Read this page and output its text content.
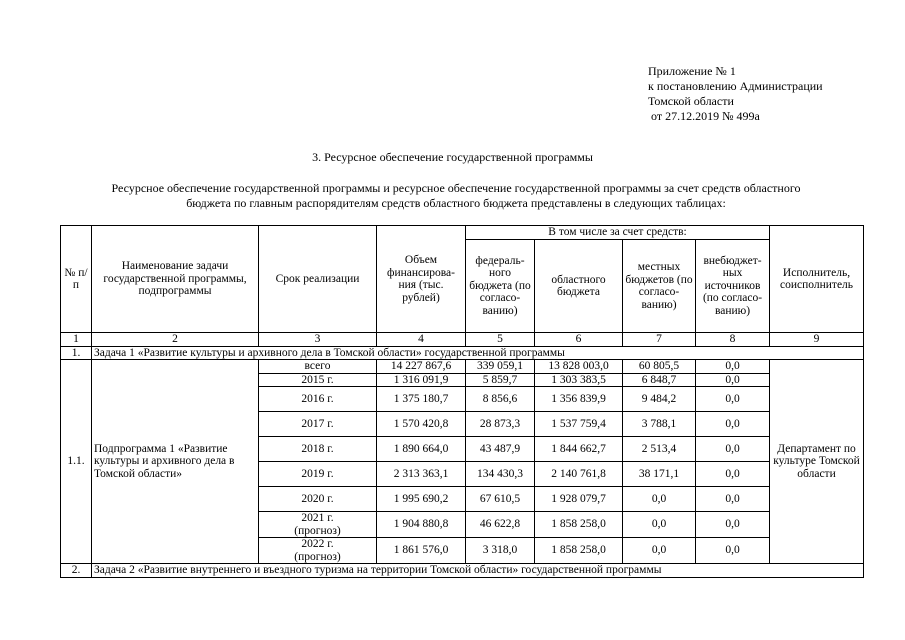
Приложение № 1
к постановлению Администрации
Томской области
от 27.12.2019 № 499а
3. Ресурсное обеспечение государственной программы
Ресурсное обеспечение государственной программы и ресурсное обеспечение государственной программы за счет средств областного бюджета по главным распорядителям средств областного бюджета представлены в следующих таблицах:
№ п/п	Наименование задачи государственной программы, подпрограммы	Срок реализации	Объем финансирова-ния (тыс. рублей)	В том числе за счет средств:				Исполнитель, соисполнитель
				федераль-ного бюджета (по согласо-ванию)	областного бюджета	местных бюджетов (по согласо-ванию)	внебюджет-ных источников (по согласо-ванию)	
1	2	3	4	5	6	7	8	9
1.	Задача 1 «Развитие культуры и архивного дела в Томской области» государственной программы							
1.1.	Подпрограмма 1 «Развитие культуры и архивного дела в Томской области»	всего	14 227 867,6	339 059,1	13 828 003,0	60 805,5	0,0	Департамент по культуре Томской области
		2015 г.	1 316 091,9	5 859,7	1 303 383,5	6 848,7	0,0	
		2016 г.	1 375 180,7	8 856,6	1 356 839,9	9 484,2	0,0	
		2017 г.	1 570 420,8	28 873,3	1 537 759,4	3 788,1	0,0	
		2018 г.	1 890 664,0	43 487,9	1 844 662,7	2 513,4	0,0	
		2019 г.	2 313 363,1	134 430,3	2 140 761,8	38 171,1	0,0	
		2020 г.	1 995 690,2	67 610,5	1 928 079,7	0,0	0,0	
		2021 г. (прогноз)	1 904 880,8	46 622,8	1 858 258,0	0,0	0,0	
		2022 г. (прогноз)	1 861 576,0	3 318,0	1 858 258,0	0,0	0,0	
2.	Задача 2 «Развитие внутреннего и въездного туризма на территории Томской области» государственной программы							
